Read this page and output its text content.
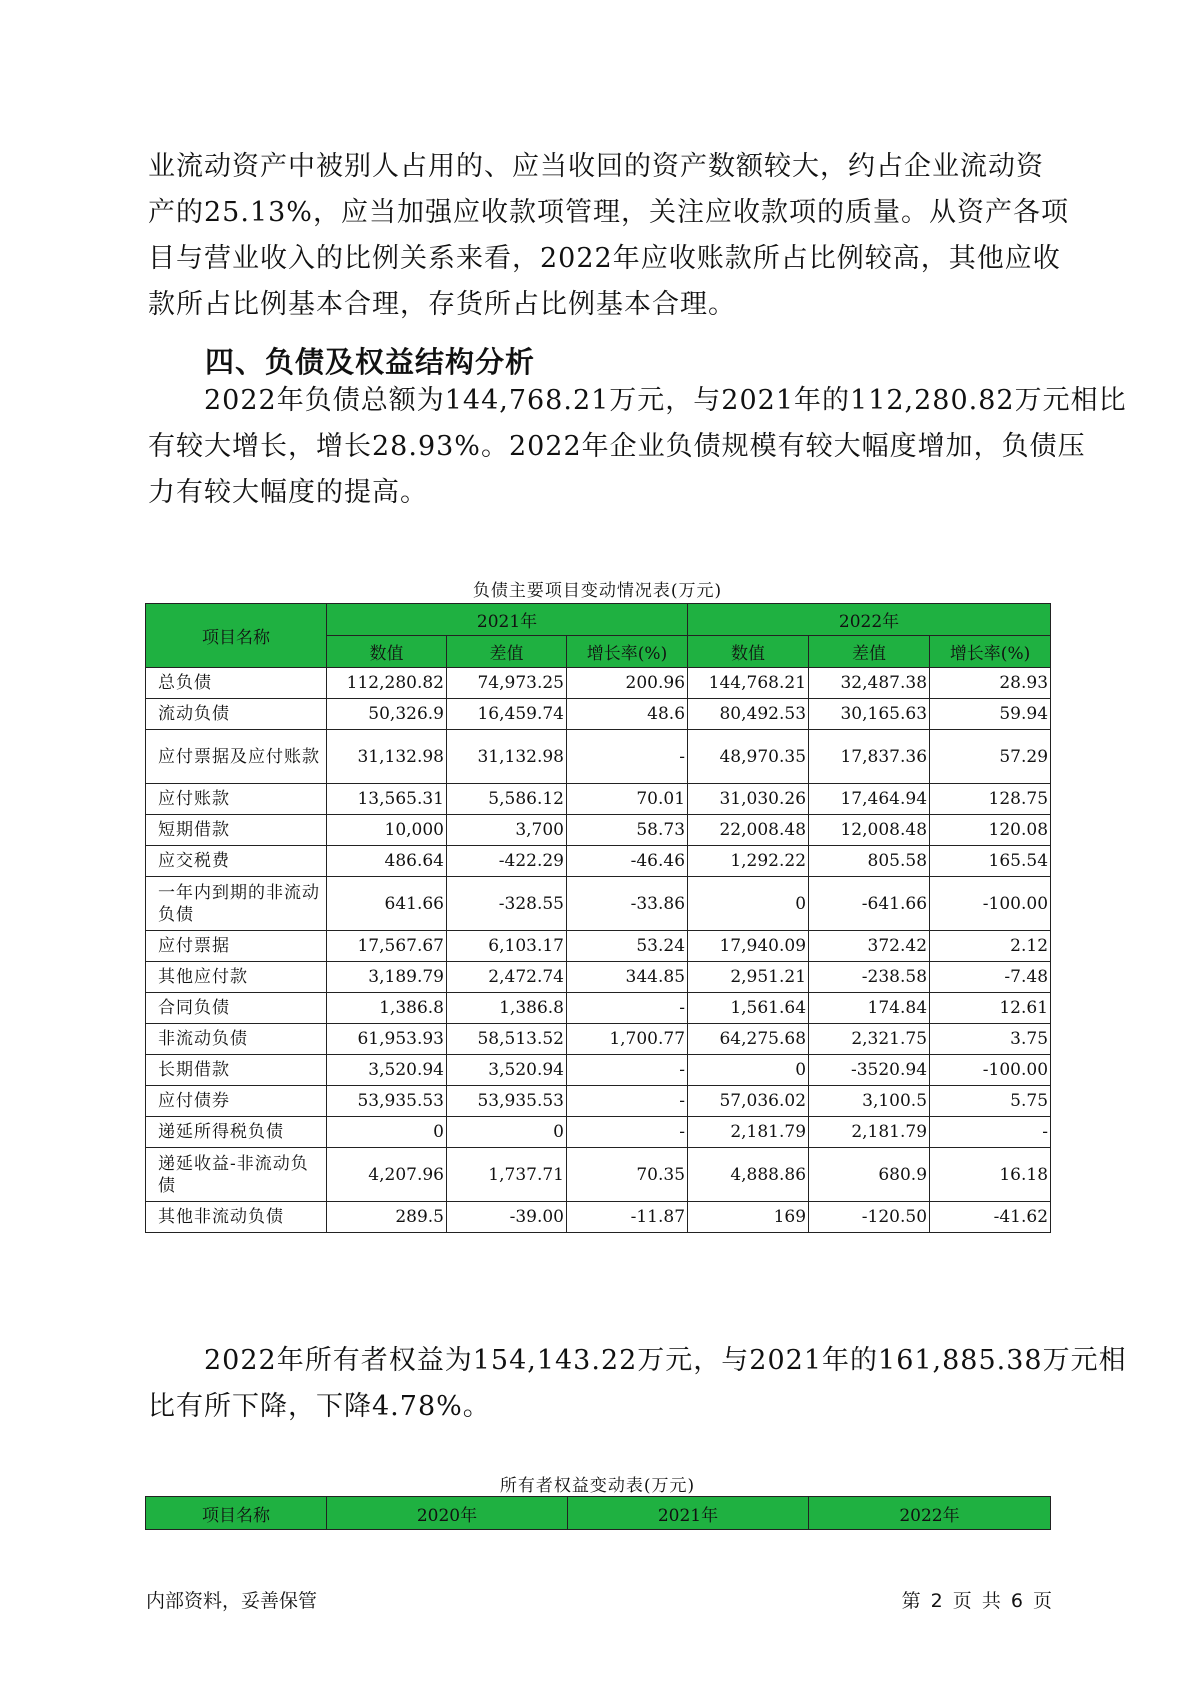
业流动资产中被别人占用的、应当收回的资产数额较大，约占企业流动资
产的25.13%，应当加强应收款项管理，关注应收款项的质量。从资产各项
目与营业收入的比例关系来看，2022年应收账款所占比例较高，其他应收
款所占比例基本合理，存货所占比例基本合理。
四、负债及权益结构分析
　　2022年负债总额为144,768.21万元，与2021年的112,280.82万元相比
有较大增长，增长28.93%。2022年企业负债规模有较大幅度增加，负债压
力有较大幅度的提高。
负债主要项目变动情况表(万元)
项目名称	2021年			2022年		
	数值	差值	增长率(%)	数值	差值	增长率(%)
总负债	112,280.82	74,973.25	200.96	144,768.21	32,487.38	28.93
流动负债	50,326.9	16,459.74	48.6	80,492.53	30,165.63	59.94
应付票据及应付账款	31,132.98	31,132.98	-	48,970.35	17,837.36	57.29
应付账款	13,565.31	5,586.12	70.01	31,030.26	17,464.94	128.75
短期借款	10,000	3,700	58.73	22,008.48	12,008.48	120.08
应交税费	486.64	-422.29	-46.46	1,292.22	805.58	165.54
一年内到期的非流动负债	641.66	-328.55	-33.86	0	-641.66	-100.00
应付票据	17,567.67	6,103.17	53.24	17,940.09	372.42	2.12
其他应付款	3,189.79	2,472.74	344.85	2,951.21	-238.58	-7.48
合同负债	1,386.8	1,386.8	-	1,561.64	174.84	12.61
非流动负债	61,953.93	58,513.52	1,700.77	64,275.68	2,321.75	3.75
长期借款	3,520.94	3,520.94	-	0	-3520.94	-100.00
应付债券	53,935.53	53,935.53	-	57,036.02	3,100.5	5.75
递延所得税负债	0	0	-	2,181.79	2,181.79	-
递延收益-非流动负债	4,207.96	1,737.71	70.35	4,888.86	680.9	16.18
其他非流动负债	289.5	-39.00	-11.87	169	-120.50	-41.62
　　2022年所有者权益为154,143.22万元，与2021年的161,885.38万元相
比有所下降，下降4.78%。
所有者权益变动表(万元)
项目名称	2020年	2021年	2022年
内部资料，妥善保管	第 2 页 共 6 页
